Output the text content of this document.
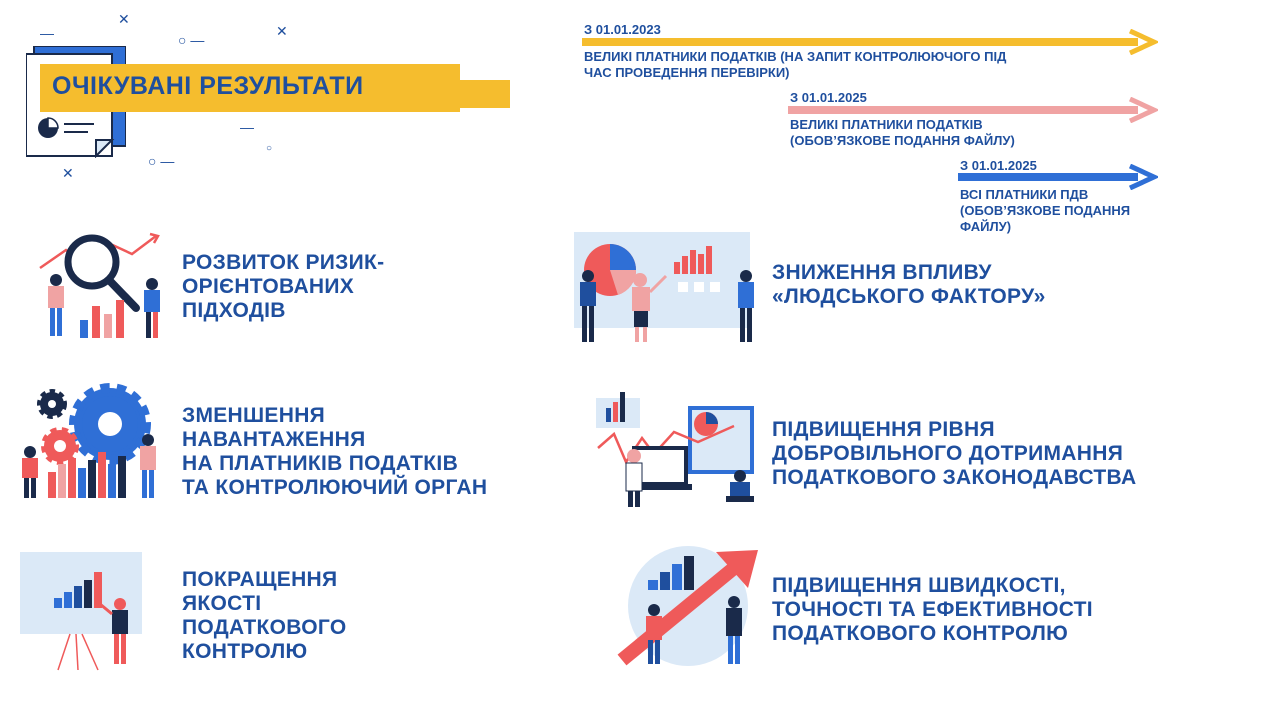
ОЧІКУВАНІ РЕЗУЛЬТАТИ
✕
✕
✕
○ —
○ —
—
○
—	З 01.01.2023
ВЕЛИКІ ПЛАТНИКИ ПОДАТКІВ (НА ЗАПИТ КОНТРОЛЮЮЧОГО ПІД
ЧАС ПРОВЕДЕННЯ ПЕРЕВІРКИ)
З 01.01.2025
ВЕЛИКІ ПЛАТНИКИ ПОДАТКІВ
(ОБОВ’ЯЗКОВЕ ПОДАННЯ ФАЙЛУ)
З 01.01.2025
ВСІ ПЛАТНИКИ ПДВ
(ОБОВ’ЯЗКОВЕ ПОДАННЯ
ФАЙЛУ)
РОЗВИТОК РИЗИК-
ОРІЄНТОВАНИХ
ПІДХОДІВ
ЗНИЖЕННЯ ВПЛИВУ
«ЛЮДСЬКОГО ФАКТОРУ»
ЗМЕНШЕННЯ
НАВАНТАЖЕННЯ
НА ПЛАТНИКІВ ПОДАТКІВ
ТА КОНТРОЛЮЮЧИЙ ОРГАН
ПІДВИЩЕННЯ РІВНЯ
ДОБРОВІЛЬНОГО ДОТРИМАННЯ
ПОДАТКОВОГО ЗАКОНОДАВСТВА
ПОКРАЩЕННЯ
ЯКОСТІ
ПОДАТКОВОГО
КОНТРОЛЮ
ПІДВИЩЕННЯ ШВИДКОСТІ,
ТОЧНОСТІ ТА ЕФЕКТИВНОСТІ
ПОДАТКОВОГО КОНТРОЛЮ
